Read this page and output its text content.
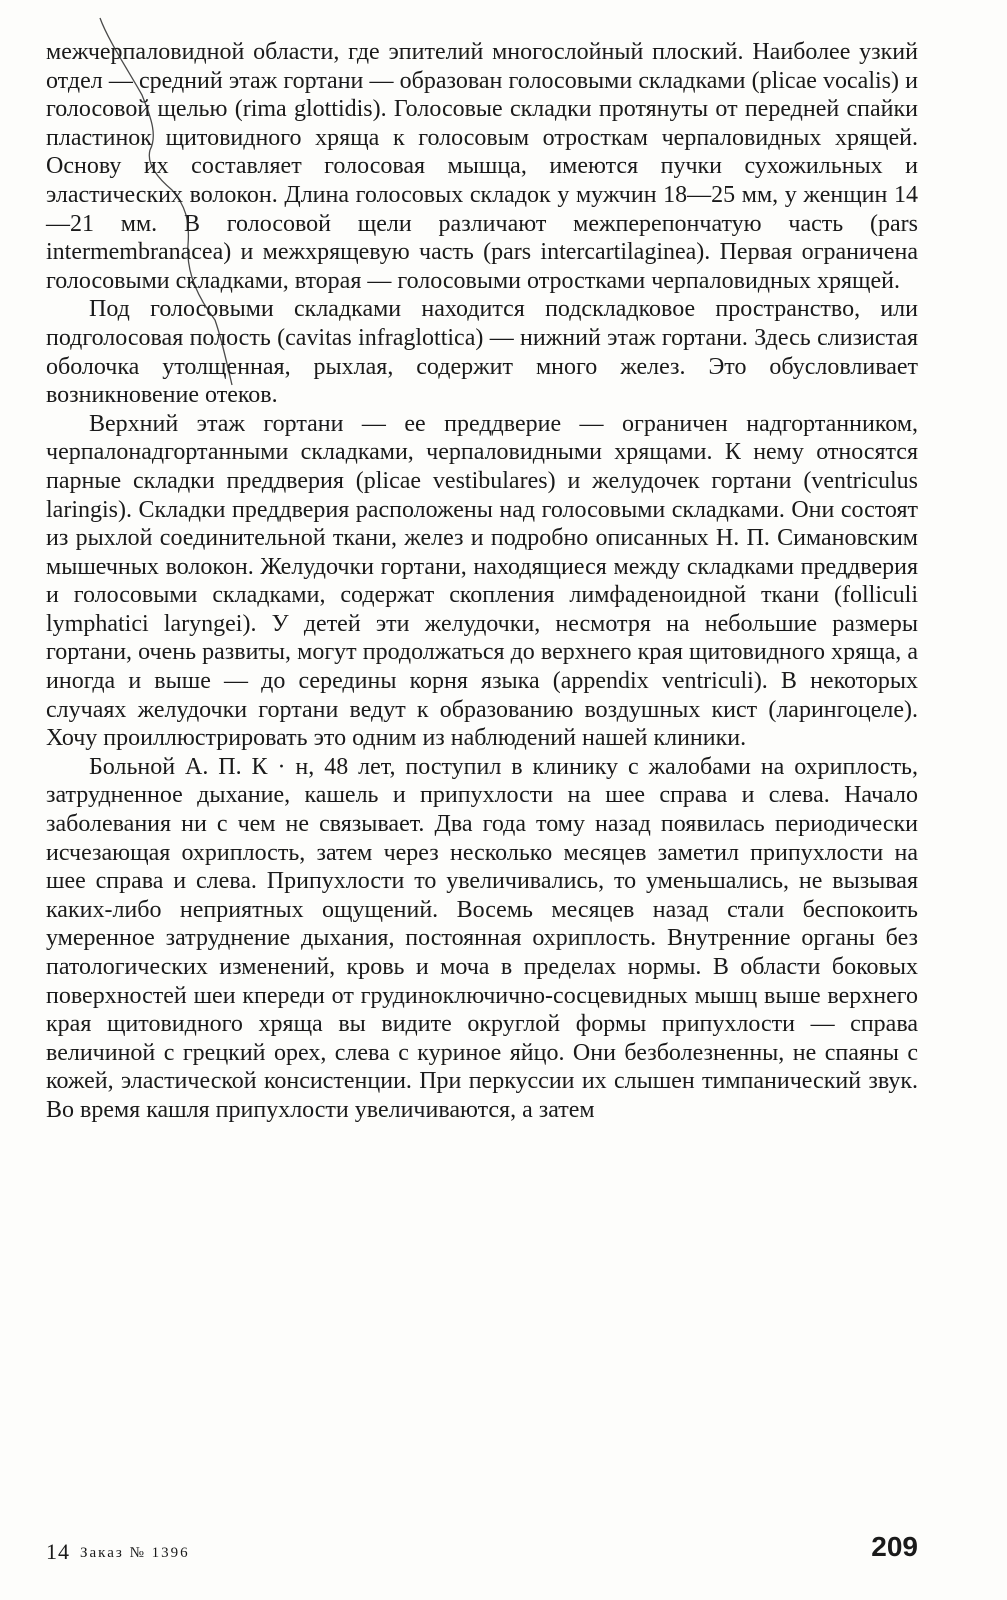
межчерпаловидной области, где эпителий многослойный плоский. Наиболее узкий отдел — средний этаж гортани — образован голосовыми складками (plicae vocalis) и голосовой щелью (rima glottidis). Голосовые складки протянуты от передней спайки пластинок щитовидного хряща к голосовым отросткам черпаловидных хрящей. Основу их составляет голосовая мышца, имеются пучки сухожильных и эластических волокон. Длина голосовых складок у мужчин 18—25 мм, у женщин 14—21 мм. В голосовой щели различают межперепончатую часть (pars intermembranacea) и межхрящевую часть (pars intercartilaginea). Первая ограничена голосовыми складками, вторая — голосовыми отростками черпаловидных хрящей.

Под голосовыми складками находится подскладковое пространство, или подголосовая полость (cavitas infraglottica) — нижний этаж гортани. Здесь слизистая оболочка утолщенная, рыхлая, содержит много желез. Это обусловливает возникновение отеков.

Верхний этаж гортани — ее преддверие — ограничен надгортанником, черпалонадгортанными складками, черпаловидными хрящами. К нему относятся парные складки преддверия (plicae vestibulares) и желудочек гортани (ventriculus laringis). Складки преддверия расположены над голосовыми складками. Они состоят из рыхлой соединительной ткани, желез и подробно описанных Н. П. Симановским мышечных волокон. Желудочки гортани, находящиеся между складками преддверия и голосовыми складками, содержат скопления лимфаденоидной ткани (folliculi lymphatici laryngei). У детей эти желудочки, несмотря на небольшие размеры гортани, очень развиты, могут продолжаться до верхнего края щитовидного хряща, а иногда и выше — до середины корня языка (appendix ventriculi). В некоторых случаях желудочки гортани ведут к образованию воздушных кист (ларингоцеле). Хочу проиллюстрировать это одним из наблюдений нашей клиники.

Больной А. П. К · н, 48 лет, поступил в клинику с жалобами на охриплость, затрудненное дыхание, кашель и припухлости на шее справа и слева. Начало заболевания ни с чем не связывает. Два года тому назад появилась периодически исчезающая охриплость, затем через несколько месяцев заметил припухлости на шее справа и слева. Припухлости то увеличивались, то уменьшались, не вызывая каких-либо неприятных ощущений. Восемь месяцев назад стали беспокоить умеренное затруднение дыхания, постоянная охриплость. Внутренние органы без патологических изменений, кровь и моча в пределах нормы. В области боковых поверхностей шеи кпереди от грудиноключично-сосцевидных мышц выше верхнего края щитовидного хряща вы видите округлой формы припухлости — справа величиной с грецкий орех, слева с куриное яйцо. Они безболезненны, не спаяны с кожей, эластической консистенции. При перкуссии их слышен тимпанический звук. Во время кашля припухлости увеличиваются, а затем

14 Заказ № 1396	209
